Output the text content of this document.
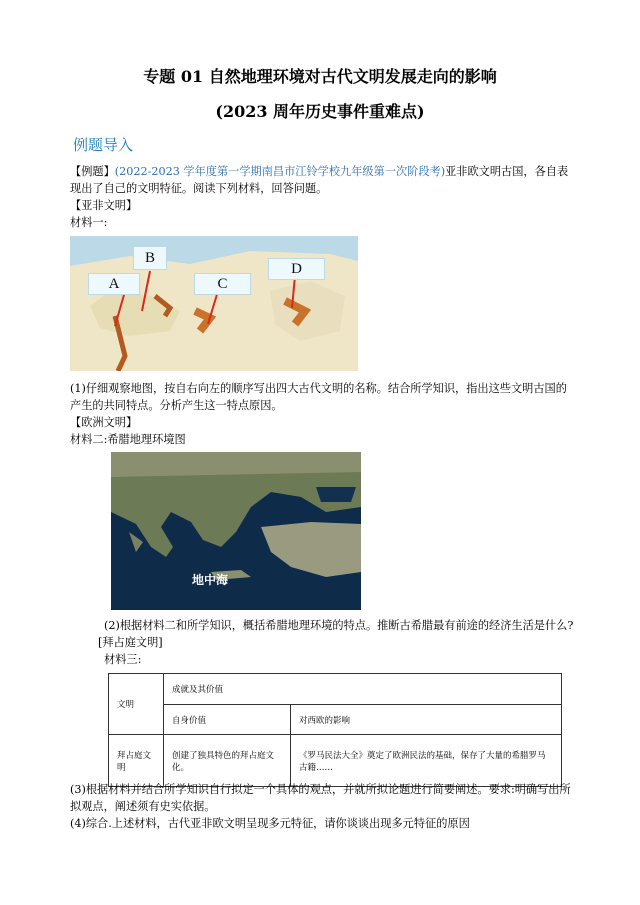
专题 01 自然地理环境对古代文明发展走向的影响
(2023 周年历史事件重难点)
例题导入
【例题】(2022-2023 学年度第一学期南昌市江铃学校九年级第一次阶段考)亚非欧文明古国，各自表
现出了自己的文明特征。阅读下列材料，回答问题。
【亚非文明】
材料一:
A
B
C
D
(1)仔细观察地图，按自右向左的顺序写出四大古代文明的名称。结合所学知识，指出这些文明古国的
产生的共同特点。分析产生这一特点原因。
【欧洲文明】
材料二:希腊地理环境图
地中海
(2)根据材料二和所学知识，概括希腊地理环境的特点。推断古希腊最有前途的经济生活是什么?
[拜占庭文明]
材料三:
文明	成就及其价值	
	自身价值	对西欧的影响
拜占庭文明	创建了独具特色的拜占庭文化。	《罗马民法大全》奠定了欧洲民法的基础，保存了大量的希腊罗马古籍……
(3)根据材料并结合所学知识自行拟定一个具体的观点，并就所拟论题进行简要阐述。要求:明确写出所
拟观点，阐述须有史实依据。
(4)综合.上述材料，古代亚非欧文明呈现多元特征，请你谈谈出现多元特征的原因
